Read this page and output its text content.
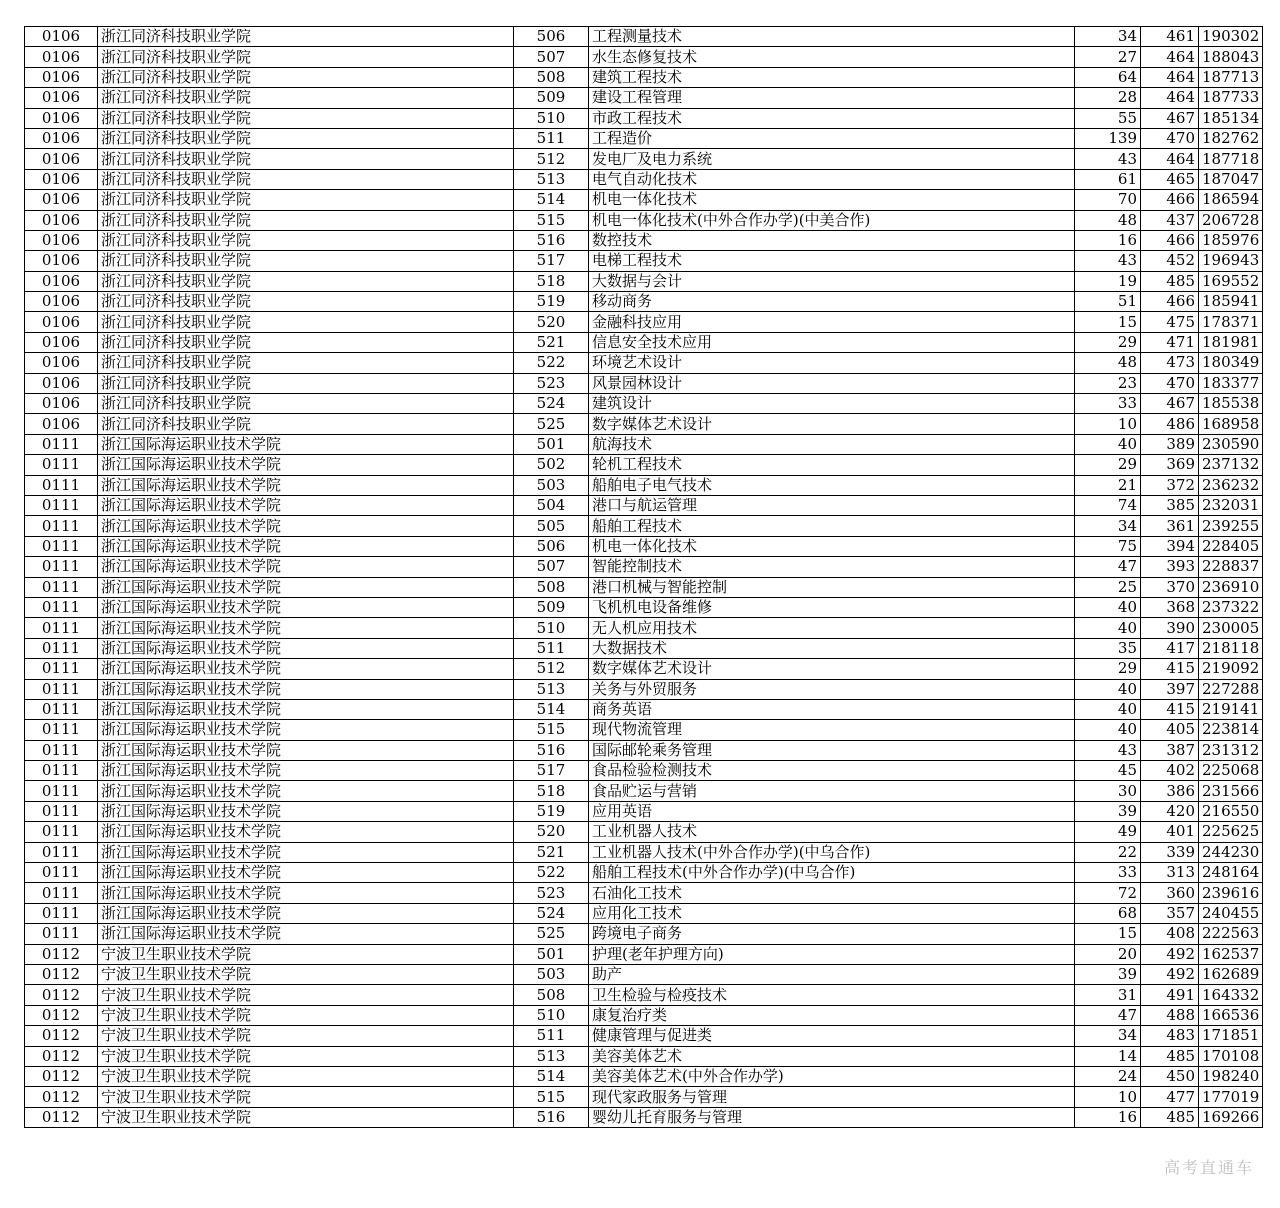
0106	浙江同济科技职业学院	506	工程测量技术	34	461	190302
0106	浙江同济科技职业学院	507	水生态修复技术	27	464	188043
0106	浙江同济科技职业学院	508	建筑工程技术	64	464	187713
0106	浙江同济科技职业学院	509	建设工程管理	28	464	187733
0106	浙江同济科技职业学院	510	市政工程技术	55	467	185134
0106	浙江同济科技职业学院	511	工程造价	139	470	182762
0106	浙江同济科技职业学院	512	发电厂及电力系统	43	464	187718
0106	浙江同济科技职业学院	513	电气自动化技术	61	465	187047
0106	浙江同济科技职业学院	514	机电一体化技术	70	466	186594
0106	浙江同济科技职业学院	515	机电一体化技术(中外合作办学)(中美合作)	48	437	206728
0106	浙江同济科技职业学院	516	数控技术	16	466	185976
0106	浙江同济科技职业学院	517	电梯工程技术	43	452	196943
0106	浙江同济科技职业学院	518	大数据与会计	19	485	169552
0106	浙江同济科技职业学院	519	移动商务	51	466	185941
0106	浙江同济科技职业学院	520	金融科技应用	15	475	178371
0106	浙江同济科技职业学院	521	信息安全技术应用	29	471	181981
0106	浙江同济科技职业学院	522	环境艺术设计	48	473	180349
0106	浙江同济科技职业学院	523	风景园林设计	23	470	183377
0106	浙江同济科技职业学院	524	建筑设计	33	467	185538
0106	浙江同济科技职业学院	525	数字媒体艺术设计	10	486	168958
0111	浙江国际海运职业技术学院	501	航海技术	40	389	230590
0111	浙江国际海运职业技术学院	502	轮机工程技术	29	369	237132
0111	浙江国际海运职业技术学院	503	船舶电子电气技术	21	372	236232
0111	浙江国际海运职业技术学院	504	港口与航运管理	74	385	232031
0111	浙江国际海运职业技术学院	505	船舶工程技术	34	361	239255
0111	浙江国际海运职业技术学院	506	机电一体化技术	75	394	228405
0111	浙江国际海运职业技术学院	507	智能控制技术	47	393	228837
0111	浙江国际海运职业技术学院	508	港口机械与智能控制	25	370	236910
0111	浙江国际海运职业技术学院	509	飞机机电设备维修	40	368	237322
0111	浙江国际海运职业技术学院	510	无人机应用技术	40	390	230005
0111	浙江国际海运职业技术学院	511	大数据技术	35	417	218118
0111	浙江国际海运职业技术学院	512	数字媒体艺术设计	29	415	219092
0111	浙江国际海运职业技术学院	513	关务与外贸服务	40	397	227288
0111	浙江国际海运职业技术学院	514	商务英语	40	415	219141
0111	浙江国际海运职业技术学院	515	现代物流管理	40	405	223814
0111	浙江国际海运职业技术学院	516	国际邮轮乘务管理	43	387	231312
0111	浙江国际海运职业技术学院	517	食品检验检测技术	45	402	225068
0111	浙江国际海运职业技术学院	518	食品贮运与营销	30	386	231566
0111	浙江国际海运职业技术学院	519	应用英语	39	420	216550
0111	浙江国际海运职业技术学院	520	工业机器人技术	49	401	225625
0111	浙江国际海运职业技术学院	521	工业机器人技术(中外合作办学)(中乌合作)	22	339	244230
0111	浙江国际海运职业技术学院	522	船舶工程技术(中外合作办学)(中乌合作)	33	313	248164
0111	浙江国际海运职业技术学院	523	石油化工技术	72	360	239616
0111	浙江国际海运职业技术学院	524	应用化工技术	68	357	240455
0111	浙江国际海运职业技术学院	525	跨境电子商务	15	408	222563
0112	宁波卫生职业技术学院	501	护理(老年护理方向)	20	492	162537
0112	宁波卫生职业技术学院	503	助产	39	492	162689
0112	宁波卫生职业技术学院	508	卫生检验与检疫技术	31	491	164332
0112	宁波卫生职业技术学院	510	康复治疗类	47	488	166536
0112	宁波卫生职业技术学院	511	健康管理与促进类	34	483	171851
0112	宁波卫生职业技术学院	513	美容美体艺术	14	485	170108
0112	宁波卫生职业技术学院	514	美容美体艺术(中外合作办学)	24	450	198240
0112	宁波卫生职业技术学院	515	现代家政服务与管理	10	477	177019
0112	宁波卫生职业技术学院	516	婴幼儿托育服务与管理	16	485	169266
高考直通车
